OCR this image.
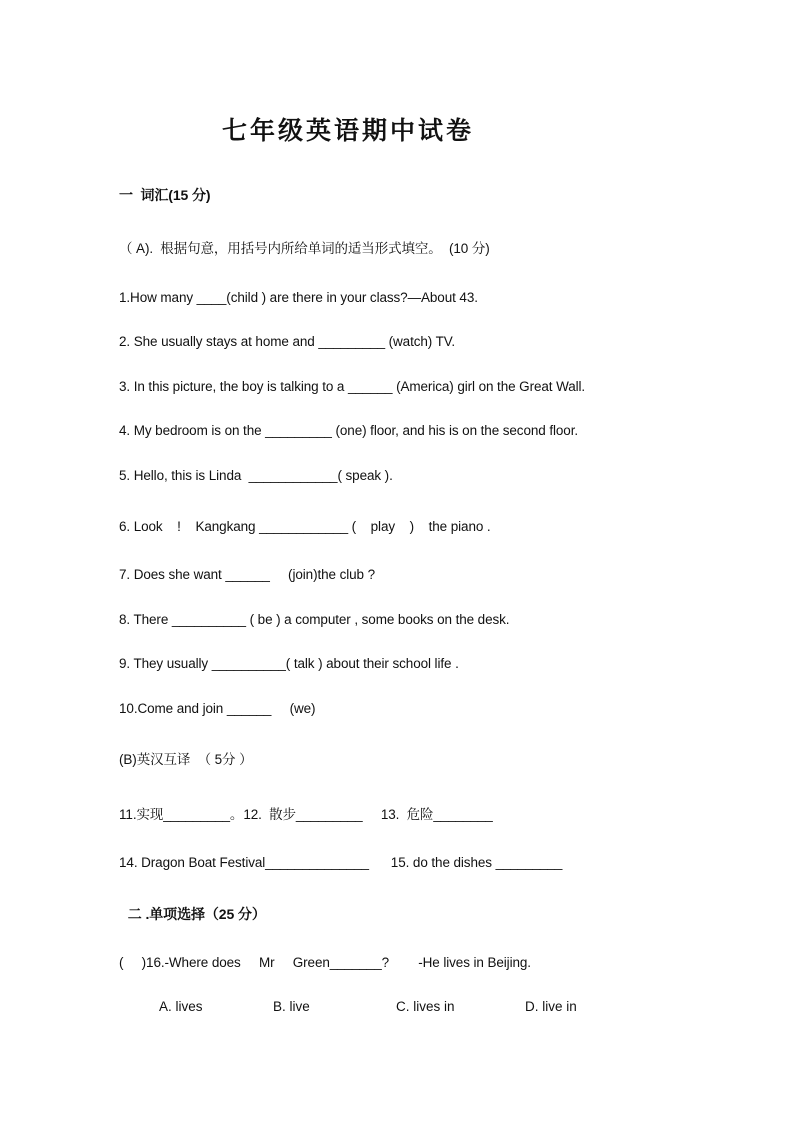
七年级英语期中试卷
一  词汇(15 分)
（ A).  根据句意，用括号内所给单词的适当形式填空。  (10 分)
1.How many ____(child ) are there in your class?—About 43.
2. She usually stays at home and _________ (watch) TV.
3. In this picture, the boy is talking to a ______ (America) girl on the Great Wall.
4. My bedroom is on the _________ (one) floor, and his is on the second floor.
5. Hello, this is Linda  ____________( speak ).
6. Look    !    Kangkang ____________ (    play    )    the piano .
7. Does she want ______     (join)the club ?
8. There __________ ( be ) a computer , some books on the desk.
9. They usually __________( talk ) about their school life .
10.Come and join ______     (we)
(B)英汉互译  （ 5分 ）
11.实现_________。12.  散步_________     13.  危险________
14. Dragon Boat Festival______________      15. do the dishes _________
二 .单项选择（25 分）
(     )16.-Where does     Mr     Green_______?        -He lives in Beijing.
A. lives	B. live	C. lives in	D. live in
